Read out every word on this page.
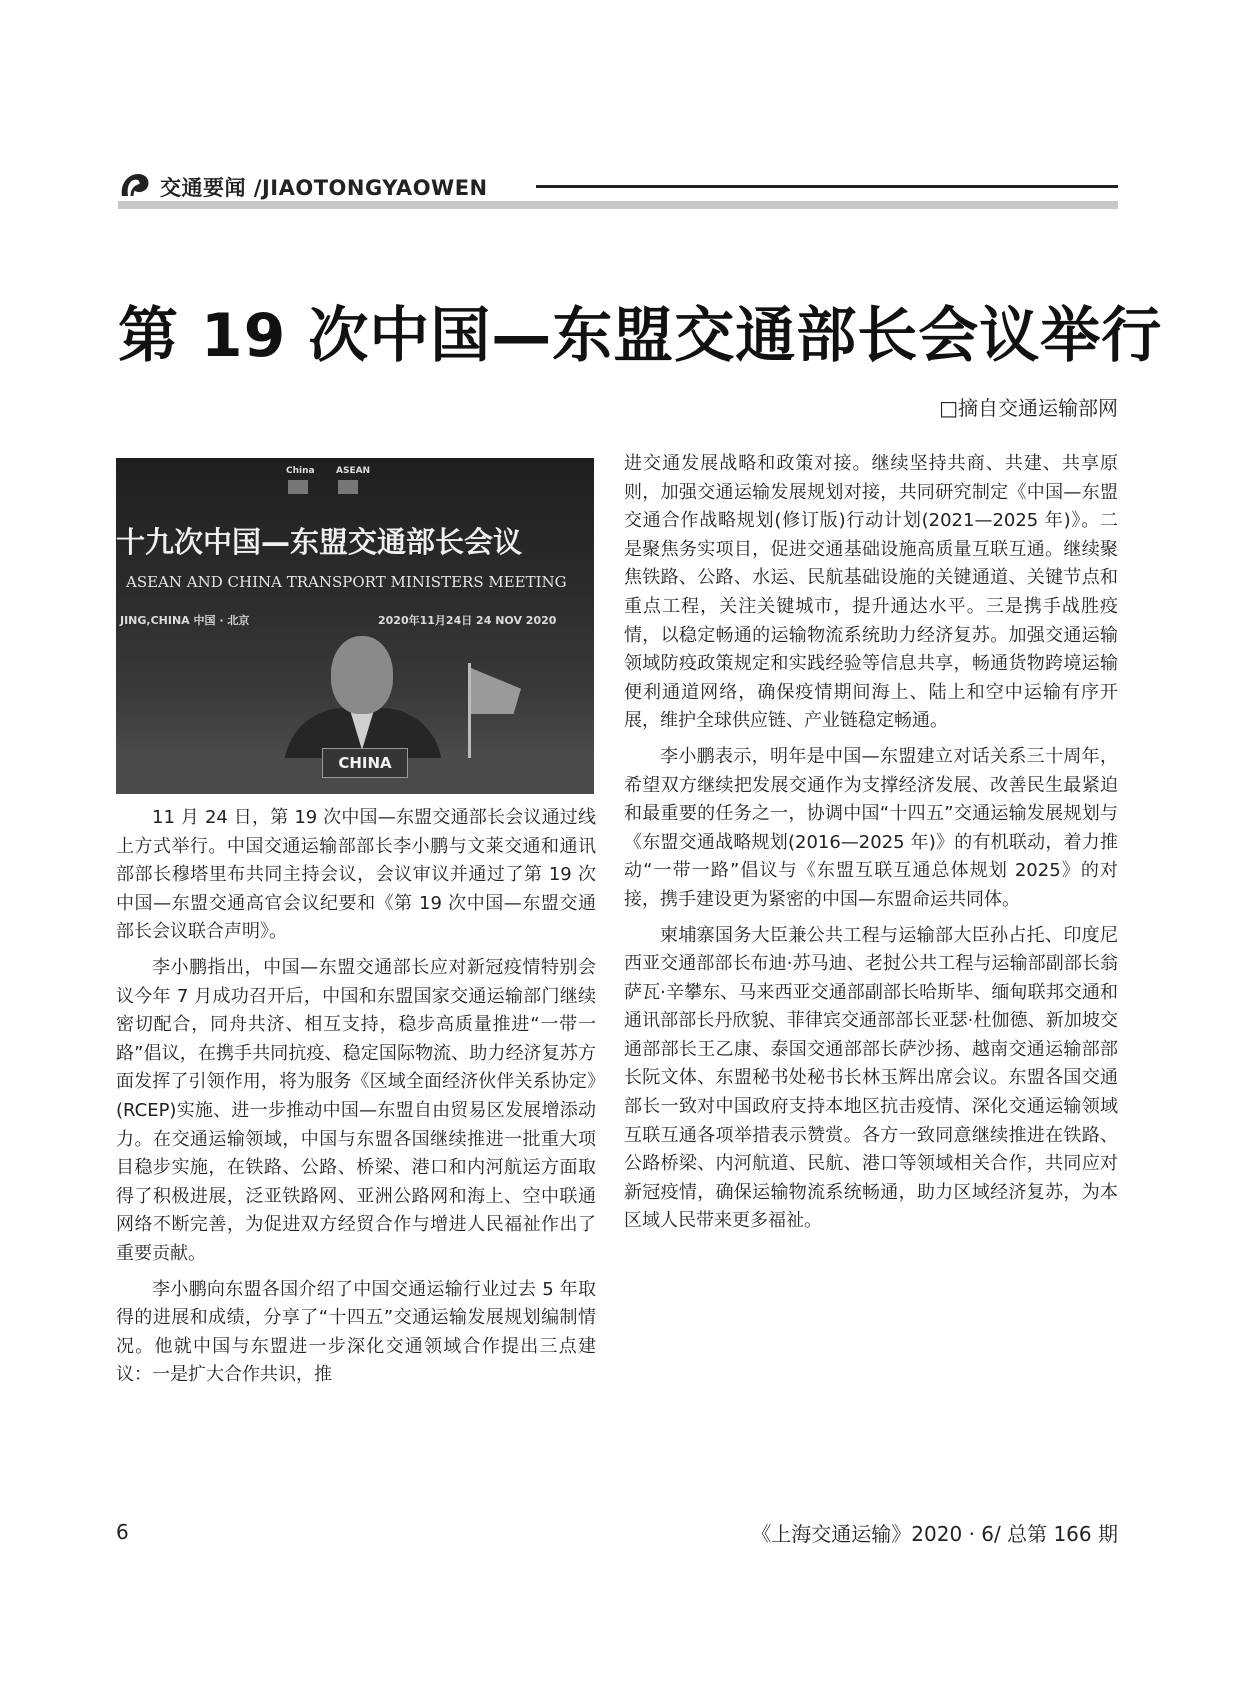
交通要闻 /JIAOTONGYAOWEN
第 19 次中国—东盟交通部长会议举行
□摘自交通运输部网
China ASEAN
十九次中国—东盟交通部长会议
ASEAN AND CHINA TRANSPORT MINISTERS MEETING
JING,CHINA 中国 · 北京	2020年11月24日 24 NOV 2020
CHINA

11 月 24 日，第 19 次中国—东盟交通部长会议通过线上方式举行。中国交通运输部部长李小鹏与文莱交通和通讯部部长穆塔里布共同主持会议，会议审议并通过了第 19 次中国—东盟交通高官会议纪要和《第 19 次中国—东盟交通部长会议联合声明》。

李小鹏指出，中国—东盟交通部长应对新冠疫情特别会议今年 7 月成功召开后，中国和东盟国家交通运输部门继续密切配合，同舟共济、相互支持，稳步高质量推进“一带一路”倡议，在携手共同抗疫、稳定国际物流、助力经济复苏方面发挥了引领作用，将为服务《区域全面经济伙伴关系协定》(RCEP)实施、进一步推动中国—东盟自由贸易区发展增添动力。在交通运输领域，中国与东盟各国继续推进一批重大项目稳步实施，在铁路、公路、桥梁、港口和内河航运方面取得了积极进展，泛亚铁路网、亚洲公路网和海上、空中联通网络不断完善，为促进双方经贸合作与增进人民福祉作出了重要贡献。

李小鹏向东盟各国介绍了中国交通运输行业过去 5 年取得的进展和成绩，分享了“十四五”交通运输发展规划编制情况。他就中国与东盟进一步深化交通领域合作提出三点建议：一是扩大合作共识，推

进交通发展战略和政策对接。继续坚持共商、共建、共享原则，加强交通运输发展规划对接，共同研究制定《中国—东盟交通合作战略规划(修订版)行动计划(2021—2025 年)》。二是聚焦务实项目，促进交通基础设施高质量互联互通。继续聚焦铁路、公路、水运、民航基础设施的关键通道、关键节点和重点工程，关注关键城市，提升通达水平。三是携手战胜疫情，以稳定畅通的运输物流系统助力经济复苏。加强交通运输领域防疫政策规定和实践经验等信息共享，畅通货物跨境运输便利通道网络，确保疫情期间海上、陆上和空中运输有序开展，维护全球供应链、产业链稳定畅通。

李小鹏表示，明年是中国—东盟建立对话关系三十周年，希望双方继续把发展交通作为支撑经济发展、改善民生最紧迫和最重要的任务之一，协调中国“十四五”交通运输发展规划与《东盟交通战略规划(2016—2025 年)》的有机联动，着力推动“一带一路”倡议与《东盟互联互通总体规划 2025》的对接，携手建设更为紧密的中国—东盟命运共同体。

柬埔寨国务大臣兼公共工程与运输部大臣孙占托、印度尼西亚交通部部长布迪·苏马迪、老挝公共工程与运输部副部长翁萨瓦·辛攀东、马来西亚交通部副部长哈斯毕、缅甸联邦交通和通讯部部长丹欣貌、菲律宾交通部部长亚瑟·杜伽德、新加坡交通部部长王乙康、泰国交通部部长萨沙扬、越南交通运输部部长阮文体、东盟秘书处秘书长林玉辉出席会议。东盟各国交通部长一致对中国政府支持本地区抗击疫情、深化交通运输领域互联互通各项举措表示赞赏。各方一致同意继续推进在铁路、公路桥梁、内河航道、民航、港口等领域相关合作，共同应对新冠疫情，确保运输物流系统畅通，助力区域经济复苏，为本区域人民带来更多福祉。

6	《上海交通运输》2020 · 6/ 总第 166 期
